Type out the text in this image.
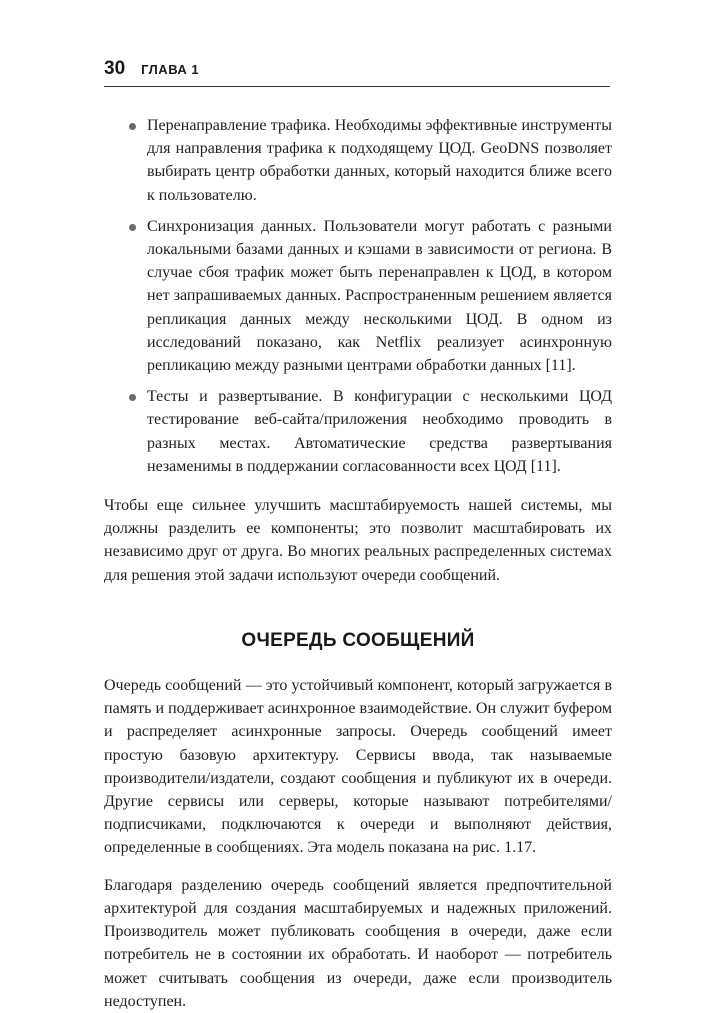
30 ГЛАВА 1
Перенаправление трафика. Необходимы эффективные инструменты для направления трафика к подходящему ЦОД. GeoDNS позволяет выбирать центр обработки данных, который находится ближе всего к пользователю.
Синхронизация данных. Пользователи могут работать с разными локальными базами данных и кэшами в зависимости от региона. В случае сбоя трафик может быть перенаправлен к ЦОД, в котором нет запрашиваемых данных. Распространенным решением является репликация данных между несколькими ЦОД. В одном из исследований показано, как Netflix реализует асинхронную репликацию между разными центрами обработки данных [11].
Тесты и развертывание. В конфигурации с несколькими ЦОД тестирование веб-сайта/приложения необходимо проводить в разных местах. Автоматические средства развертывания незаменимы в поддержании согласованности всех ЦОД [11].

Чтобы еще сильнее улучшить масштабируемость нашей системы, мы должны разделить ее компоненты; это позволит масштабировать их независимо друг от друга. Во многих реальных распределенных системах для решения этой задачи используют очереди сообщений.

ОЧЕРЕДЬ СООБЩЕНИЙ

Очередь сообщений — это устойчивый компонент, который загружается в память и поддерживает асинхронное взаимодействие. Он служит буфером и распределяет асинхронные запросы. Очередь сообщений имеет простую базовую архитектуру. Сервисы ввода, так называемые производители/издатели, создают сообщения и публикуют их в очереди. Другие сервисы или серверы, которые называют потребителями/подписчиками, подключаются к очереди и выполняют действия, определенные в сообщениях. Эта модель показана на рис. 1.17.

Благодаря разделению очередь сообщений является предпочтительной архитектурой для создания масштабируемых и надежных приложений. Производитель может публиковать сообщения в очереди, даже если потребитель не в состоянии их обработать. И наоборот — потребитель может считывать сообщения из очереди, даже если производитель недоступен.
